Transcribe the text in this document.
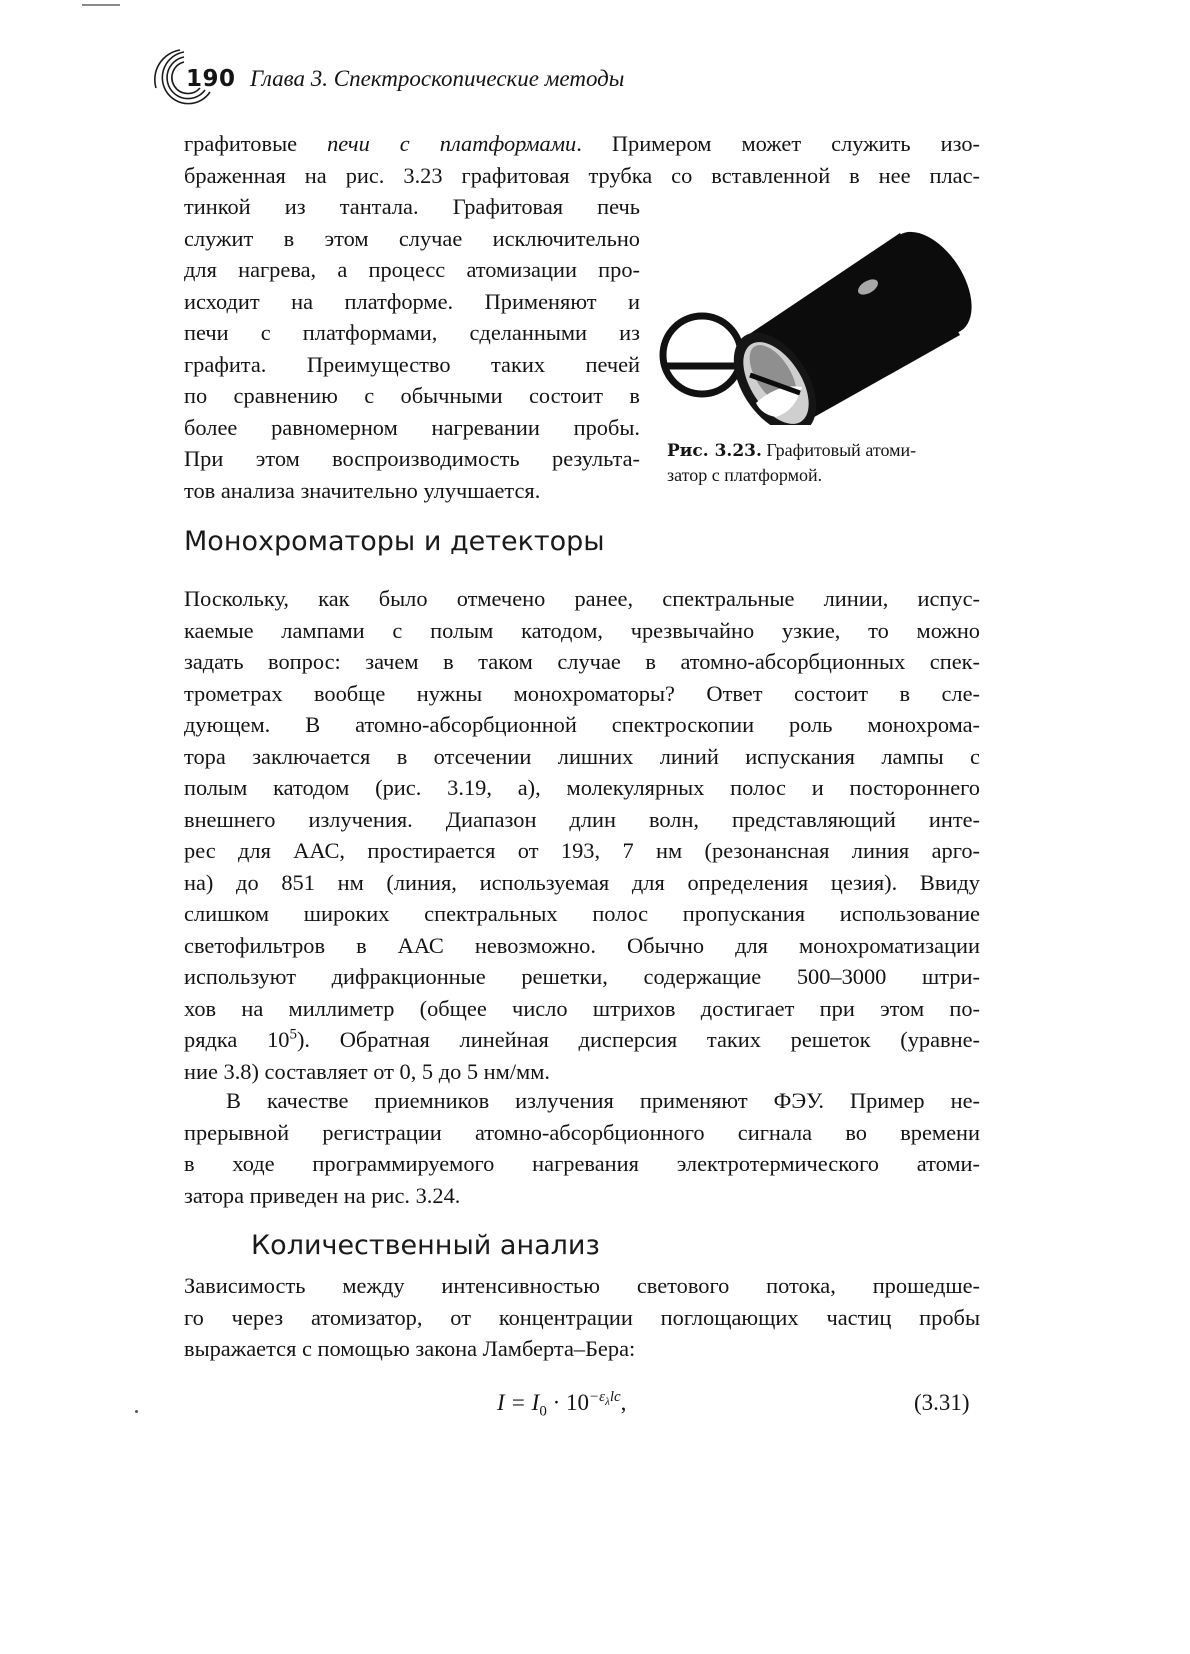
190 Глава 3. Спектроскопические методы
графитовые печи с платформами. Примером может служить изо-
браженная на рис. 3.23 графитовая трубка со вставленной в нее плас-
тинкой из тантала. Графитовая печь
служит в этом случае исключительно
для нагрева, а процесс атомизации про-
исходит на платформе. Применяют и
печи с платформами, сделанными из
графита. Преимущество таких печей
по сравнению с обычными состоит в
более равномерном нагревании пробы.
При этом воспроизводимость результа-
тов анализа значительно улучшается.
Рис. 3.23. Графитовый атоми-
затор с платформой.
Монохроматоры и детекторы
Поскольку, как было отмечено ранее, спектральные линии, испус-
каемые лампами с полым катодом, чрезвычайно узкие, то можно
задать вопрос: зачем в таком случае в атомно-абсорбционных спек-
трометрах вообще нужны монохроматоры? Ответ состоит в сле-
дующем. В атомно-абсорбционной спектроскопии роль монохрома-
тора заключается в отсечении лишних линий испускания лампы с
полым катодом (рис. 3.19, а), молекулярных полос и постороннего
внешнего излучения. Диапазон длин волн, представляющий инте-
рес для ААС, простирается от 193, 7 нм (резонансная линия арго-
на) до 851 нм (линия, используемая для определения цезия). Ввиду
слишком широких спектральных полос пропускания использование
светофильтров в ААС невозможно. Обычно для монохроматизации
используют дифракционные решетки, содержащие 500–3000 штри-
хов на миллиметр (общее число штрихов достигает при этом по-
рядка $10^5$). Обратная линейная дисперсия таких решеток (уравне-
ние 3.8) составляет от 0, 5 до 5 нм/мм.
В качестве приемников излучения применяют ФЭУ. Пример не-
прерывной регистрации атомно-абсорбционного сигнала во времени
в ходе программируемого нагревания электротермического атоми-
затора приведен на рис. 3.24.
Количественный анализ
Зависимость между интенсивностью светового потока, прошедше-
го через атомизатор, от концентрации поглощающих частиц пробы
выражается с помощью закона Ламберта–Бера:
$I = I_0 \cdot 10^{-\varepsilon_\lambda lc}$,	(3.31)
